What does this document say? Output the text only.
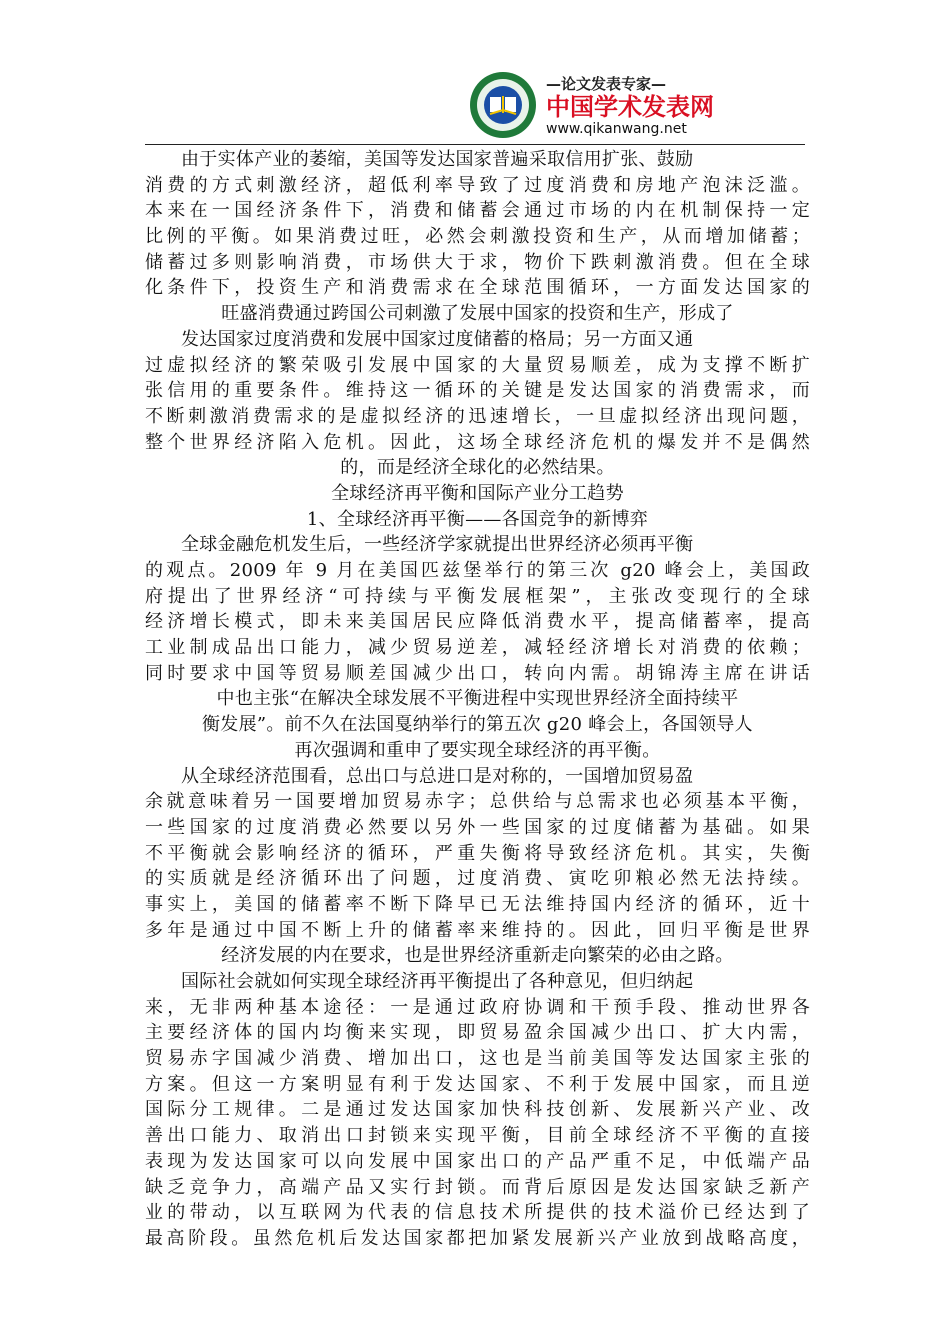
—论文发表专家—
中国学术发表网
www.qikanwang.net
由于实体产业的萎缩，美国等发达国家普遍采取信用扩张、鼓励
消费的方式刺激经济，超低利率导致了过度消费和房地产泡沫泛滥。
本来在一国经济条件下，消费和储蓄会通过市场的内在机制保持一定
比例的平衡。如果消费过旺，必然会刺激投资和生产，从而增加储蓄；
储蓄过多则影响消费，市场供大于求，物价下跌刺激消费。但在全球
化条件下，投资生产和消费需求在全球范围循环，一方面发达国家的
旺盛消费通过跨国公司刺激了发展中国家的投资和生产，形成了
发达国家过度消费和发展中国家过度储蓄的格局；另一方面又通
过虚拟经济的繁荣吸引发展中国家的大量贸易顺差，成为支撑不断扩
张信用的重要条件。维持这一循环的关键是发达国家的消费需求，而
不断刺激消费需求的是虚拟经济的迅速增长，一旦虚拟经济出现问题，
整个世界经济陷入危机。因此，这场全球经济危机的爆发并不是偶然
的，而是经济全球化的必然结果。
全球经济再平衡和国际产业分工趋势
1、全球经济再平衡——各国竞争的新博弈
全球金融危机发生后，一些经济学家就提出世界经济必须再平衡
的观点。2009 年 9 月在美国匹兹堡举行的第三次 g20 峰会上，美国政
府提出了世界经济“可持续与平衡发展框架”，主张改变现行的全球
经济增长模式，即未来美国居民应降低消费水平，提高储蓄率，提高
工业制成品出口能力，减少贸易逆差，减轻经济增长对消费的依赖；
同时要求中国等贸易顺差国减少出口，转向内需。胡锦涛主席在讲话
中也主张“在解决全球发展不平衡进程中实现世界经济全面持续平
衡发展”。前不久在法国戛纳举行的第五次 g20 峰会上，各国领导人
再次强调和重申了要实现全球经济的再平衡。
从全球经济范围看，总出口与总进口是对称的，一国增加贸易盈
余就意味着另一国要增加贸易赤字；总供给与总需求也必须基本平衡，
一些国家的过度消费必然要以另外一些国家的过度储蓄为基础。如果
不平衡就会影响经济的循环，严重失衡将导致经济危机。其实，失衡
的实质就是经济循环出了问题，过度消费、寅吃卯粮必然无法持续。
事实上，美国的储蓄率不断下降早已无法维持国内经济的循环，近十
多年是通过中国不断上升的储蓄率来维持的。因此，回归平衡是世界
经济发展的内在要求，也是世界经济重新走向繁荣的必由之路。
国际社会就如何实现全球经济再平衡提出了各种意见，但归纳起
来，无非两种基本途径：一是通过政府协调和干预手段、推动世界各
主要经济体的国内均衡来实现，即贸易盈余国减少出口、扩大内需，
贸易赤字国减少消费、增加出口，这也是当前美国等发达国家主张的
方案。但这一方案明显有利于发达国家、不利于发展中国家，而且逆
国际分工规律。二是通过发达国家加快科技创新、发展新兴产业、改
善出口能力、取消出口封锁来实现平衡，目前全球经济不平衡的直接
表现为发达国家可以向发展中国家出口的产品严重不足，中低端产品
缺乏竞争力，高端产品又实行封锁。而背后原因是发达国家缺乏新产
业的带动，以互联网为代表的信息技术所提供的技术溢价已经达到了
最高阶段。虽然危机后发达国家都把加紧发展新兴产业放到战略高度，
